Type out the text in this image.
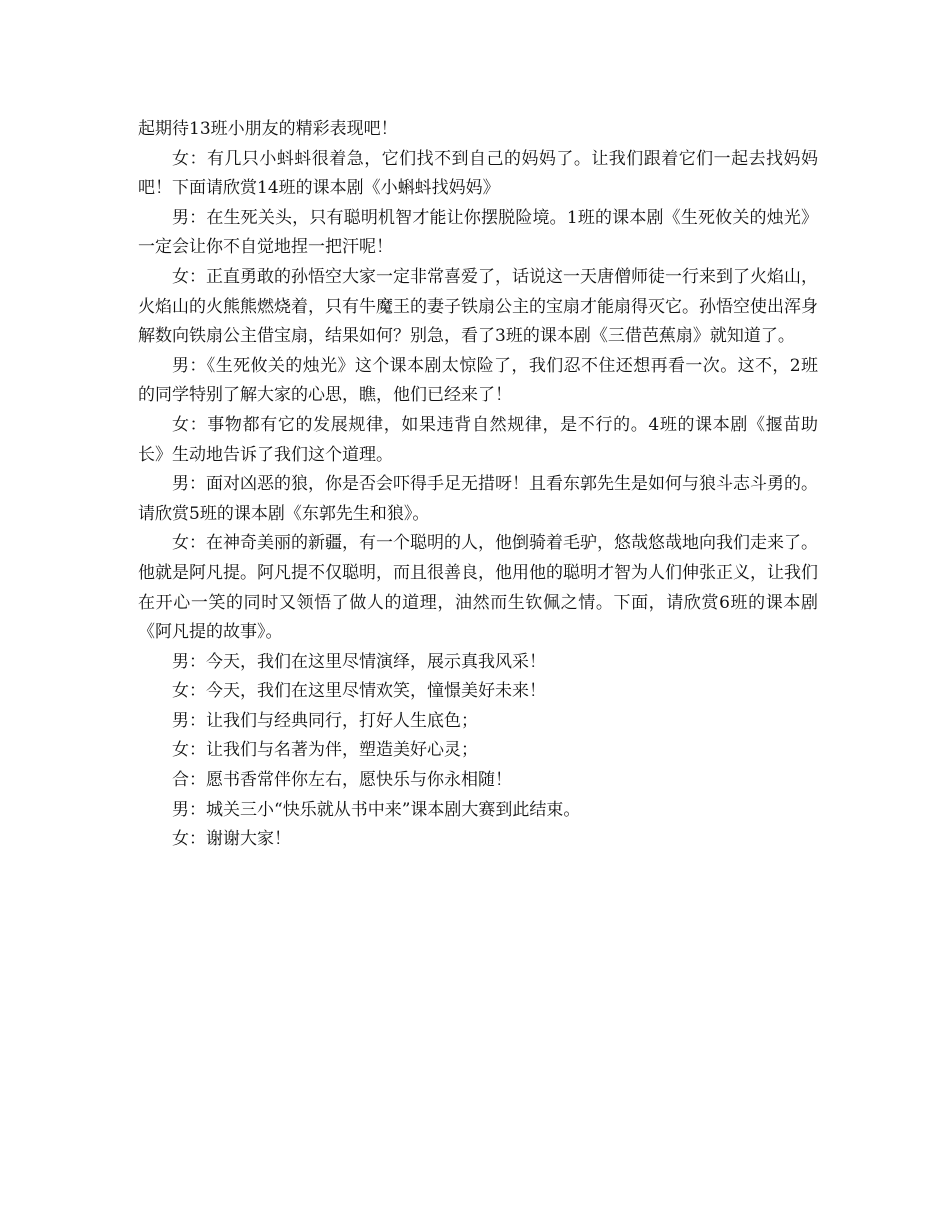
起期待13班小朋友的精彩表现吧！

女：有几只小蚪蚪很着急，它们找不到自己的妈妈了。让我们跟着它们一起去找妈妈吧！下面请欣赏14班的课本剧《小蝌蚪找妈妈》

男：在生死关头，只有聪明机智才能让你摆脱险境。1班的课本剧《生死攸关的烛光》一定会让你不自觉地捏一把汗呢！

女：正直勇敢的孙悟空大家一定非常喜爱了，话说这一天唐僧师徒一行来到了火焰山，火焰山的火熊熊燃烧着，只有牛魔王的妻子铁扇公主的宝扇才能扇得灭它。孙悟空使出浑身解数向铁扇公主借宝扇，结果如何？别急，看了3班的课本剧《三借芭蕉扇》就知道了。

男：《生死攸关的烛光》这个课本剧太惊险了，我们忍不住还想再看一次。这不，2班的同学特别了解大家的心思，瞧，他们已经来了！

女：事物都有它的发展规律，如果违背自然规律，是不行的。4班的课本剧《揠苗助长》生动地告诉了我们这个道理。

男：面对凶恶的狼，你是否会吓得手足无措呀！且看东郭先生是如何与狼斗志斗勇的。请欣赏5班的课本剧《东郭先生和狼》。

女：在神奇美丽的新疆，有一个聪明的人，他倒骑着毛驴，悠哉悠哉地向我们走来了。他就是阿凡提。阿凡提不仅聪明，而且很善良，他用他的聪明才智为人们伸张正义，让我们在开心一笑的同时又领悟了做人的道理，油然而生钦佩之情。下面，请欣赏6班的课本剧《阿凡提的故事》。

男：今天，我们在这里尽情演绎，展示真我风采！

女：今天，我们在这里尽情欢笑，憧憬美好未来！

男：让我们与经典同行，打好人生底色；

女：让我们与名著为伴，塑造美好心灵；

合：愿书香常伴你左右，愿快乐与你永相随！

男：城关三小“快乐就从书中来”课本剧大赛到此结束。

女：谢谢大家！
